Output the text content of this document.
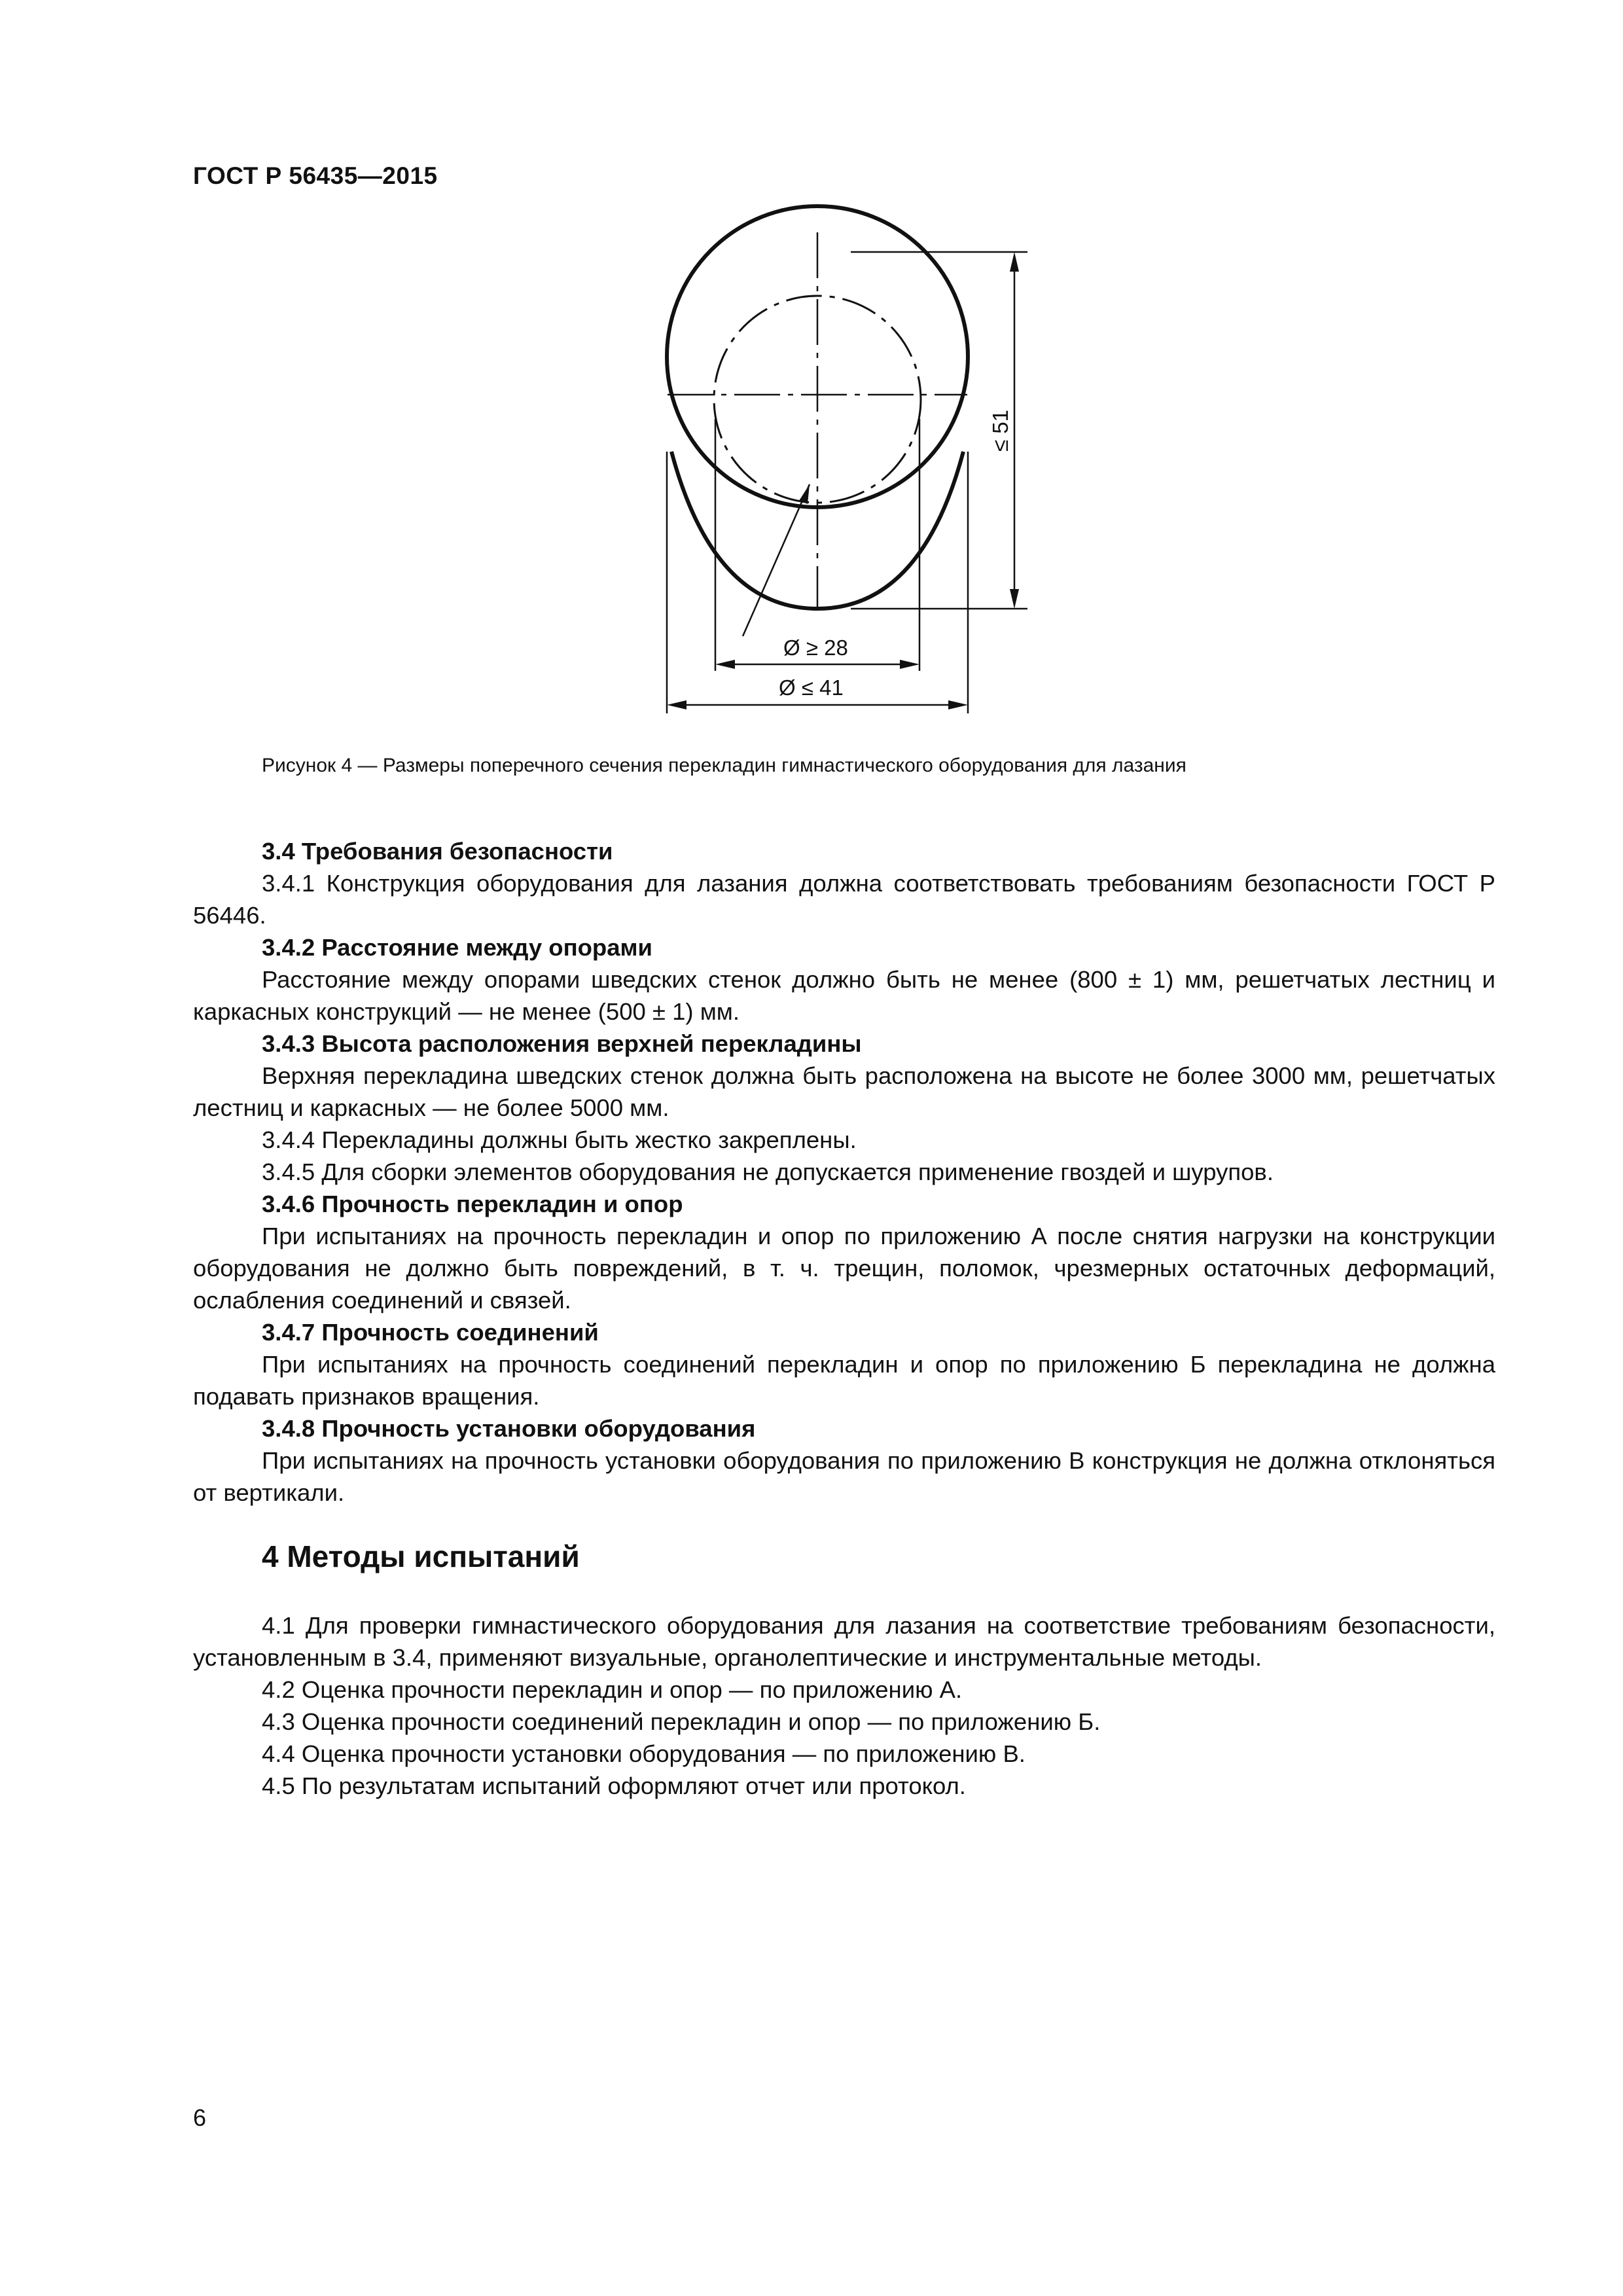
ГОСТ Р 56435—2015
≤ 51
Ø ≥ 28
Ø ≤ 41
Рисунок 4 — Размеры поперечного сечения перекладин гимнастического оборудования для лазания

3.4 Требования безопасности

3.4.1 Конструкция оборудования для лазания должна соответствовать требованиям безопасности ГОСТ Р 56446.

3.4.2 Расстояние между опорами

Расстояние между опорами шведских стенок должно быть не менее (800 ± 1) мм, решетчатых лестниц и каркасных конструкций — не менее (500 ± 1) мм.

3.4.3 Высота расположения верхней перекладины

Верхняя перекладина шведских стенок должна быть расположена на высоте не более 3000 мм, решетчатых лестниц и каркасных — не более 5000 мм.

3.4.4 Перекладины должны быть жестко закреплены.

3.4.5 Для сборки элементов оборудования не допускается применение гвоздей и шурупов.

3.4.6 Прочность перекладин и опор

При испытаниях на прочность перекладин и опор по приложению А после снятия нагрузки на конструкции оборудования не должно быть повреждений, в т. ч. трещин, поломок, чрезмерных остаточных деформаций, ослабления соединений и связей.

3.4.7 Прочность соединений

При испытаниях на прочность соединений перекладин и опор по приложению Б перекладина не должна подавать признаков вращения.

3.4.8 Прочность установки оборудования

При испытаниях на прочность установки оборудования по приложению В конструкция не должна отклоняться от вертикали.

4 Методы испытаний

4.1 Для проверки гимнастического оборудования для лазания на соответствие требованиям безопасности, установленным в 3.4, применяют визуальные, органолептические и инструментальные методы.

4.2 Оценка прочности перекладин и опор — по приложению А.

4.3 Оценка прочности соединений перекладин и опор — по приложению Б.

4.4 Оценка прочности установки оборудования — по приложению В.

4.5 По результатам испытаний оформляют отчет или протокол.

6
